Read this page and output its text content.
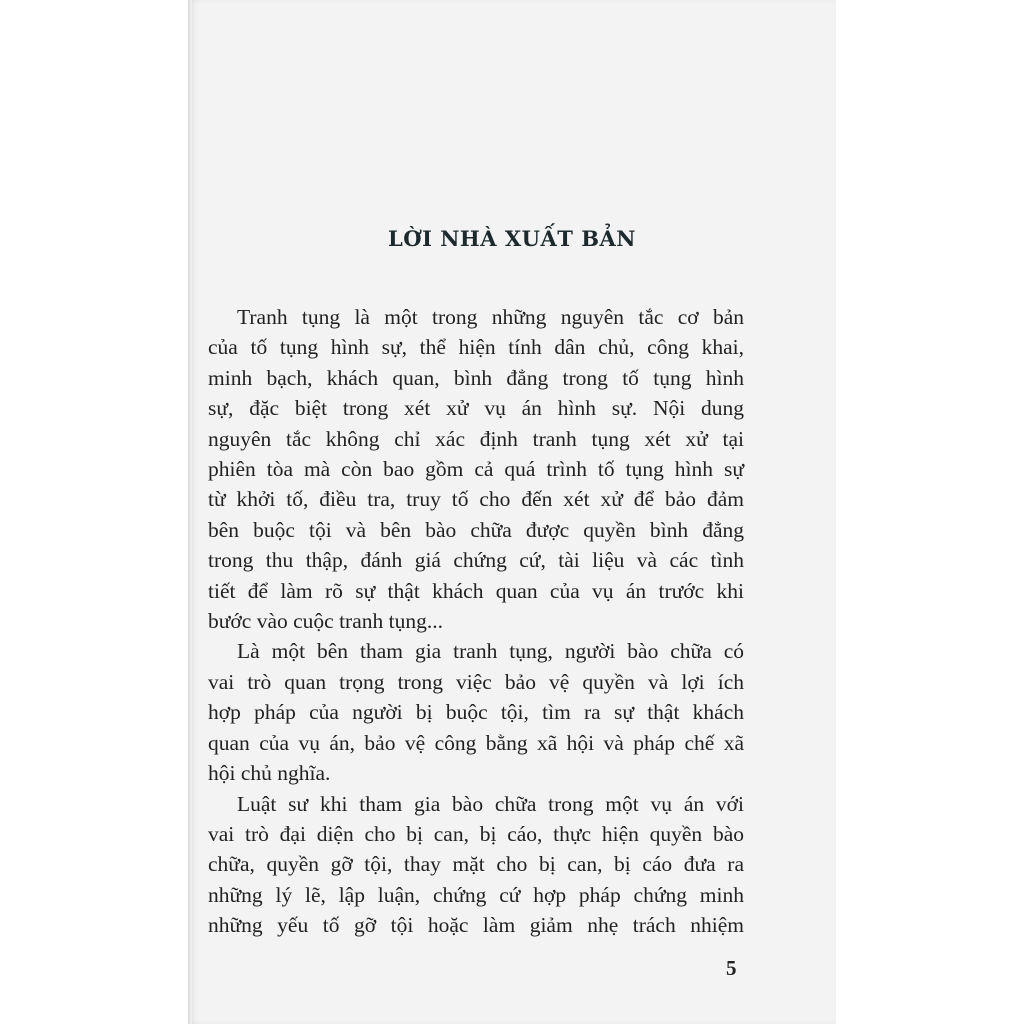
LỜI NHÀ XUẤT BẢN
Tranh tụng là một trong những nguyên tắc cơ bản
của tố tụng hình sự, thể hiện tính dân chủ, công khai,
minh bạch, khách quan, bình đẳng trong tố tụng hình
sự, đặc biệt trong xét xử vụ án hình sự. Nội dung
nguyên tắc không chỉ xác định tranh tụng xét xử tại
phiên tòa mà còn bao gồm cả quá trình tố tụng hình sự
từ khởi tố, điều tra, truy tố cho đến xét xử để bảo đảm
bên buộc tội và bên bào chữa được quyền bình đẳng
trong thu thập, đánh giá chứng cứ, tài liệu và các tình
tiết để làm rõ sự thật khách quan của vụ án trước khi
bước vào cuộc tranh tụng...
Là một bên tham gia tranh tụng, người bào chữa có
vai trò quan trọng trong việc bảo vệ quyền và lợi ích
hợp pháp của người bị buộc tội, tìm ra sự thật khách
quan của vụ án, bảo vệ công bằng xã hội và pháp chế xã
hội chủ nghĩa.
Luật sư khi tham gia bào chữa trong một vụ án với
vai trò đại diện cho bị can, bị cáo, thực hiện quyền bào
chữa, quyền gỡ tội, thay mặt cho bị can, bị cáo đưa ra
những lý lẽ, lập luận, chứng cứ hợp pháp chứng minh
những yếu tố gỡ tội hoặc làm giảm nhẹ trách nhiệm
5
